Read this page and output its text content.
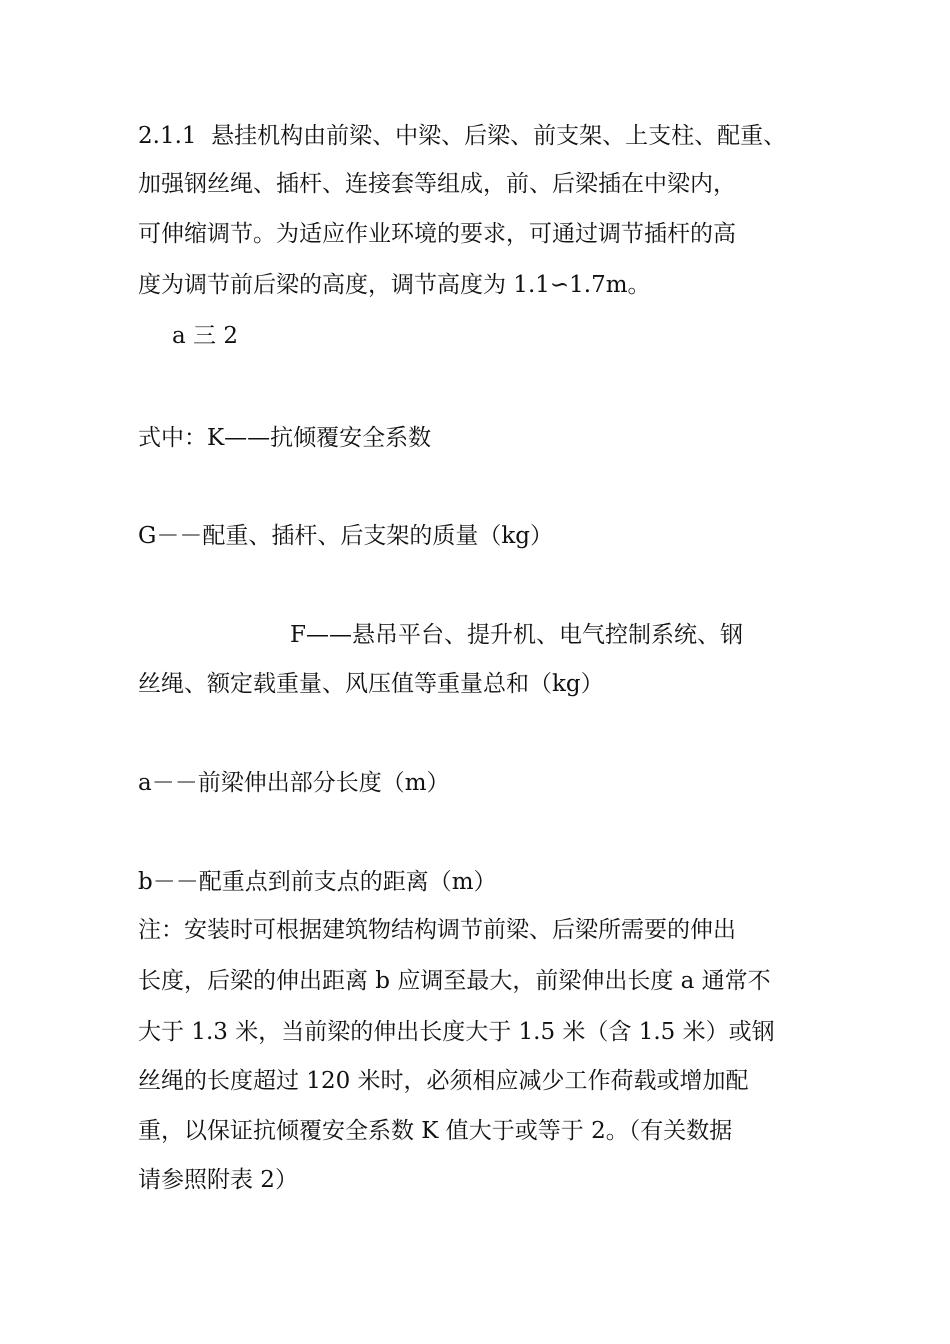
2.1.1 悬挂机构由前梁、中梁、后梁、前支架、上支柱、配重、
加强钢丝绳、插杆、连接套等组成，前、后梁插在中梁内，
可伸缩调节。为适应作业环境的要求，可通过调节插杆的高
度为调节前后梁的高度，调节高度为 1.1∽1.7m。
a 三 2
式中：K——抗倾覆安全系数
G－－配重、插杆、后支架的质量（kg）
F——悬吊平台、提升机、电气控制系统、钢
丝绳、额定载重量、风压值等重量总和（kg）
a－－前梁伸出部分长度（m）
b－－配重点到前支点的距离（m）
注：安装时可根据建筑物结构调节前梁、后梁所需要的伸出
长度，后梁的伸出距离 b 应调至最大，前梁伸出长度 a 通常不
大于 1.3 米，当前梁的伸出长度大于 1.5 米（含 1.5 米）或钢
丝绳的长度超过 120 米时，必须相应减少工作荷载或增加配
重，以保证抗倾覆安全系数 K 值大于或等于 2。（有关数据
请参照附表 2）
